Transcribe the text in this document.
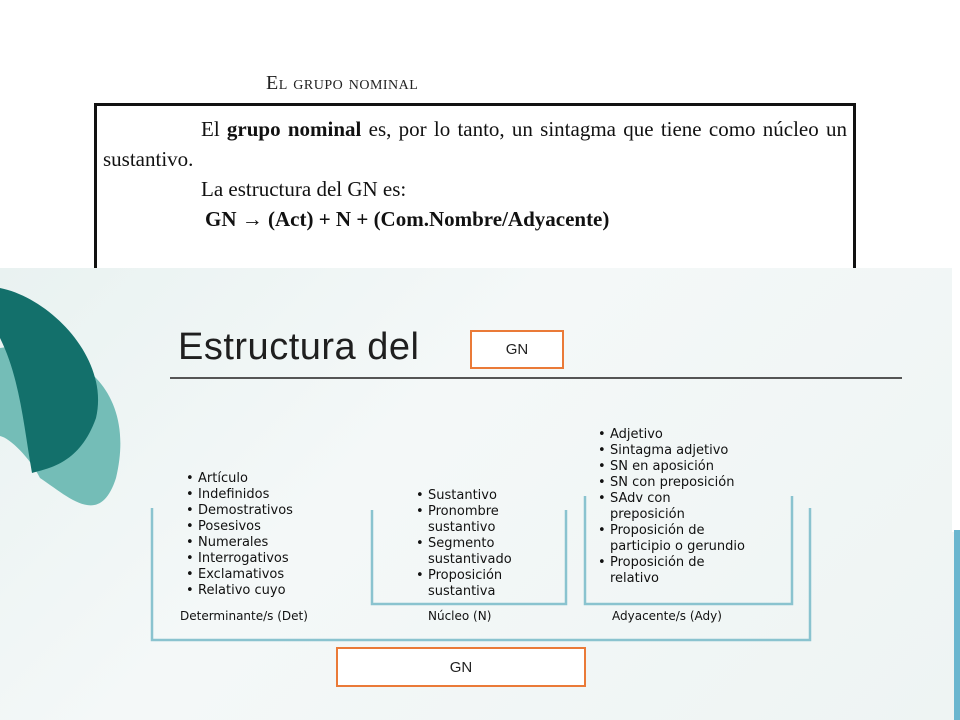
El grupo nominal

El grupo nominal es, por lo tanto, un sintagma que tiene como núcleo un sustantivo.

La estructura del GN es:

GN → (Act) + N + (Com.Nombre/Adyacente)

Estructura del	GN
• Artículo
• Indefinidos
• Demostrativos
• Posesivos
• Numerales
• Interrogativos
• Exclamativos
• Relativo cuyo
• Sustantivo
• Pronombre sustantivo
• Segmento sustantivado
• Proposición sustantiva
• Adjetivo
• Sintagma adjetivo
• SN en aposición
• SN con preposición
• SAdv con preposición
• Proposición de participio o gerundio
• Proposición de relativo
Determinante/s (Det)	Núcleo (N)	Adyacente/s (Ady)
GN
